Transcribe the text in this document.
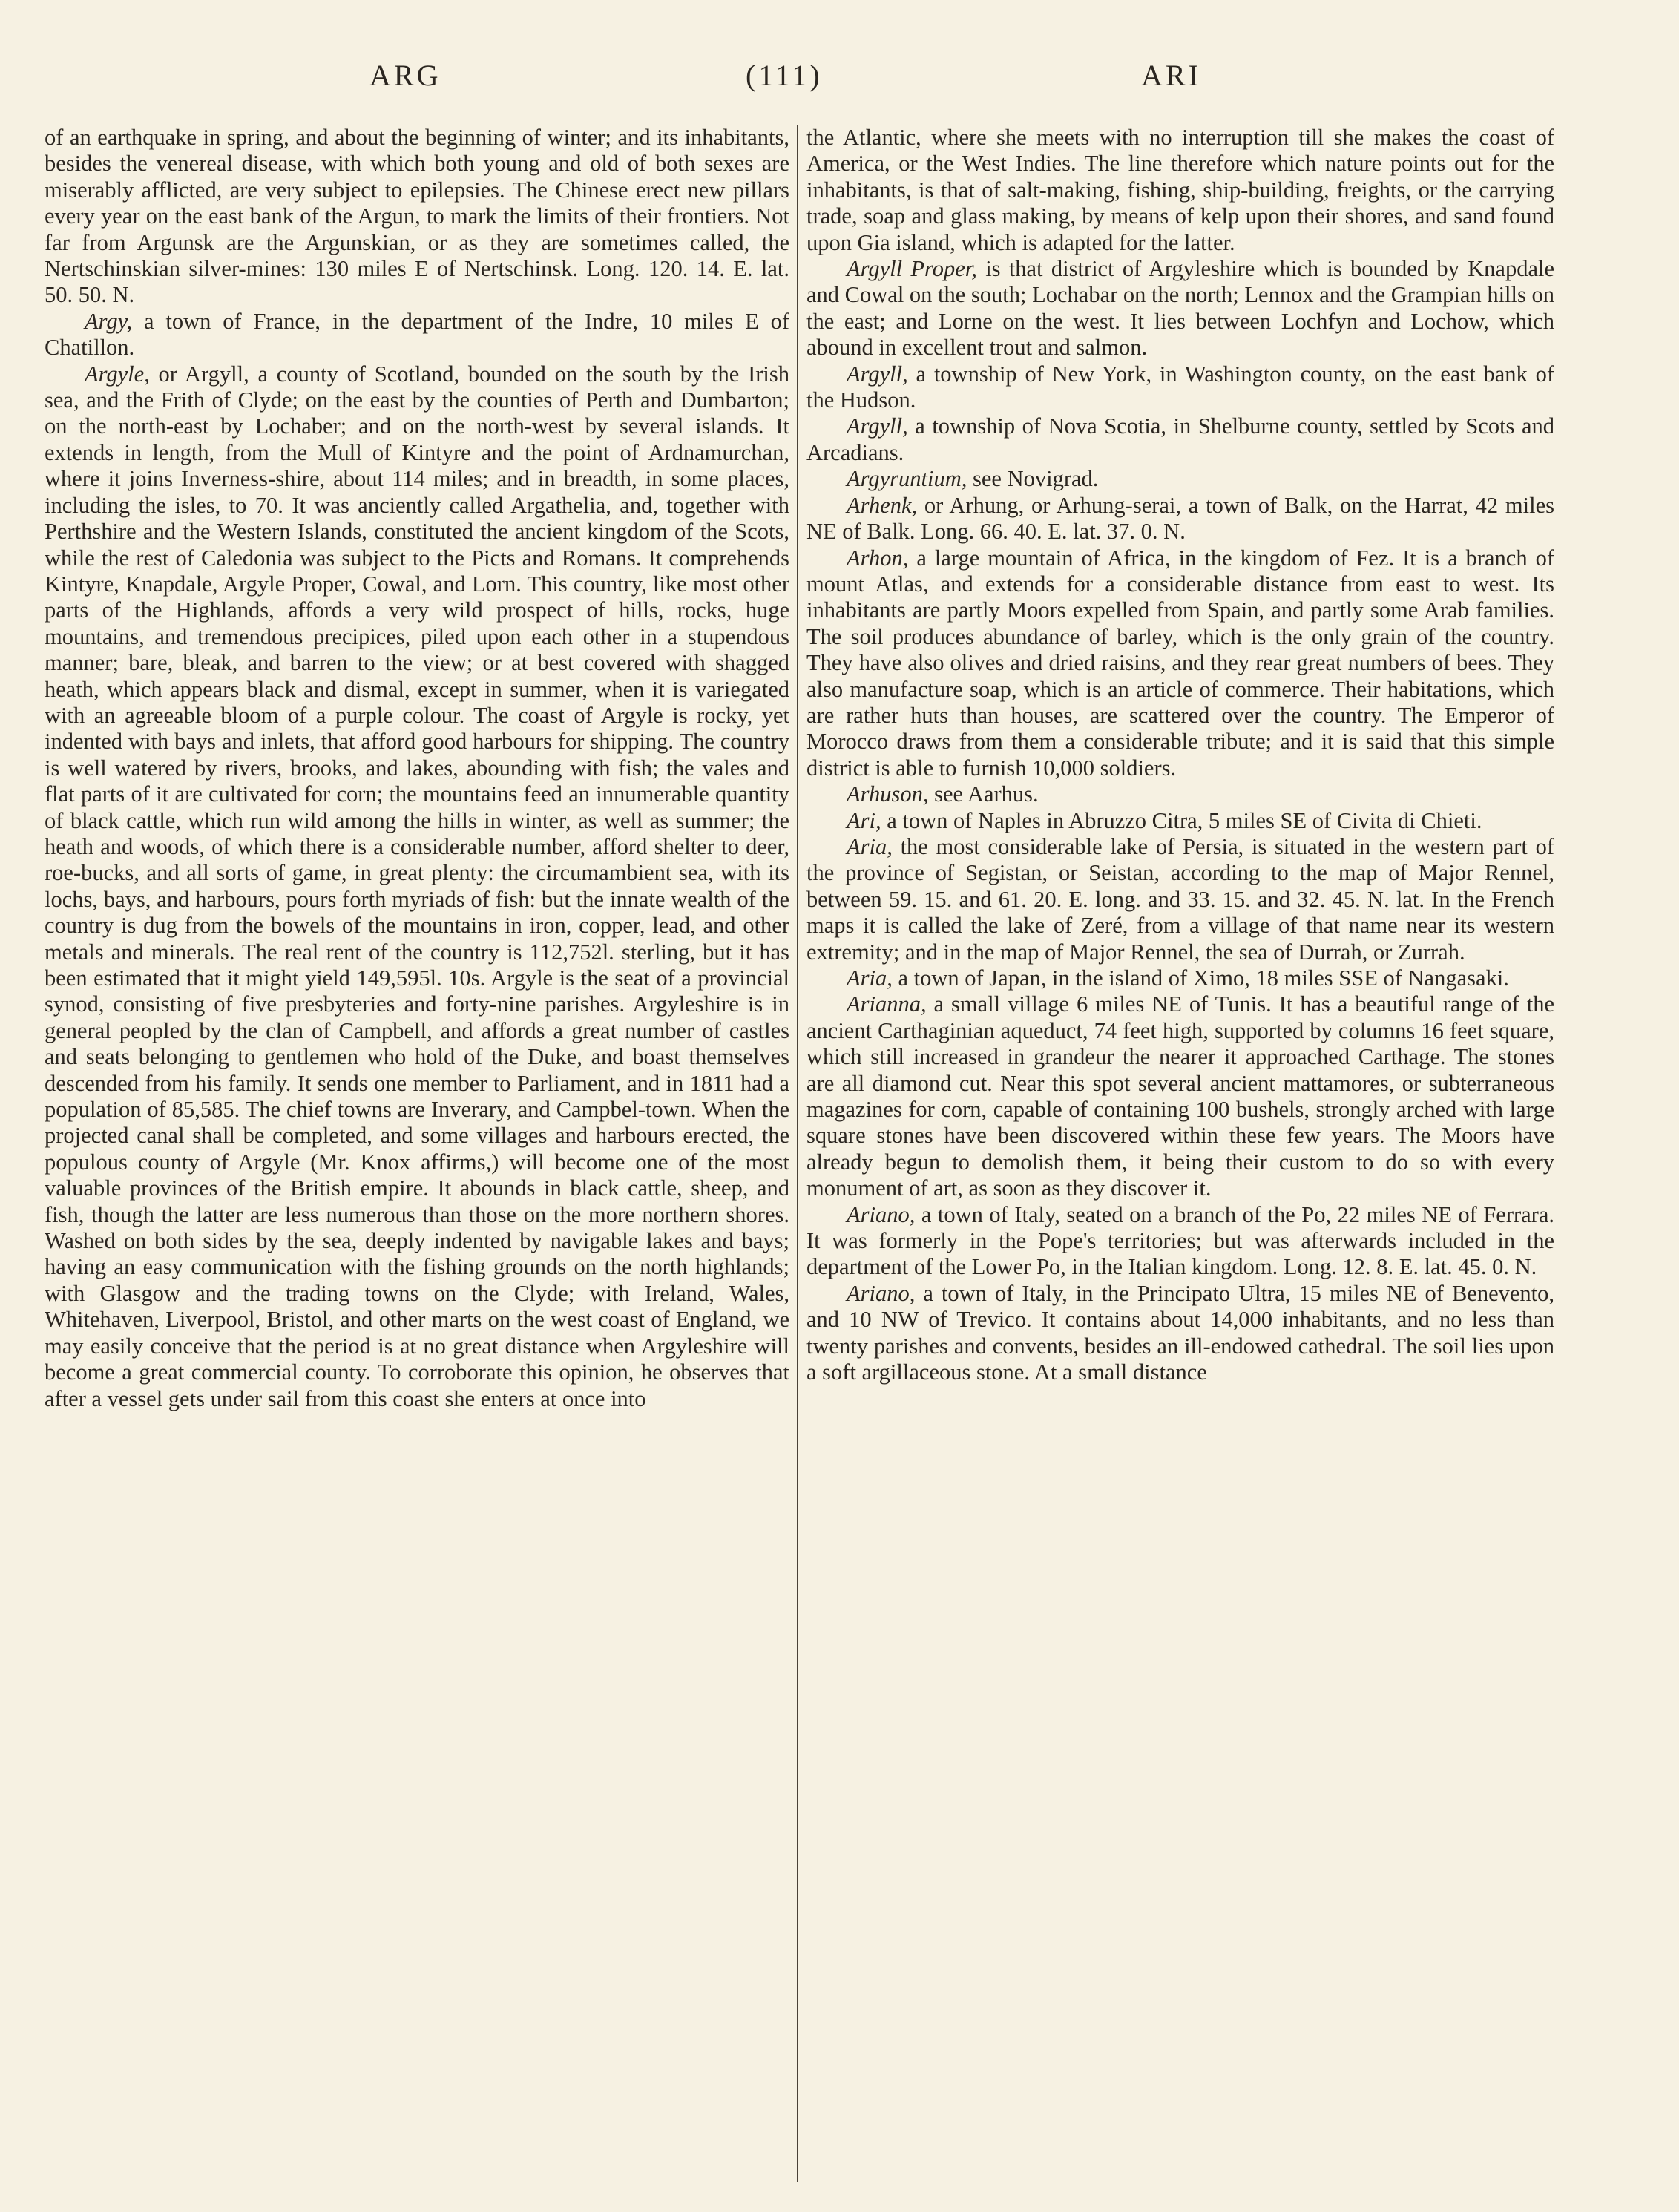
ARG	(111)	ARI

of an earthquake in spring, and about the beginning of winter; and its inhabitants, besides the venereal disease, with which both young and old of both sexes are miserably afflicted, are very subject to epilepsies. The Chinese erect new pillars every year on the east bank of the Argun, to mark the limits of their frontiers. Not far from Argunsk are the Argunskian, or as they are sometimes called, the Nertschinskian silver-mines: 130 miles E of Nertschinsk. Long. 120. 14. E. lat. 50. 50. N.

Argy, a town of France, in the department of the Indre, 10 miles E of Chatillon.

Argyle, or Argyll, a county of Scotland, bounded on the south by the Irish sea, and the Frith of Clyde; on the east by the counties of Perth and Dumbarton; on the north-east by Lochaber; and on the north-west by several islands. It extends in length, from the Mull of Kintyre and the point of Ardnamurchan, where it joins Inverness-shire, about 114 miles; and in breadth, in some places, including the isles, to 70. It was anciently called Argathelia, and, together with Perthshire and the Western Islands, constituted the ancient kingdom of the Scots, while the rest of Caledonia was subject to the Picts and Romans. It comprehends Kintyre, Knapdale, Argyle Proper, Cowal, and Lorn. This country, like most other parts of the Highlands, affords a very wild prospect of hills, rocks, huge mountains, and tremendous precipices, piled upon each other in a stupendous manner; bare, bleak, and barren to the view; or at best covered with shagged heath, which appears black and dismal, except in summer, when it is variegated with an agreeable bloom of a purple colour. The coast of Argyle is rocky, yet indented with bays and inlets, that afford good harbours for shipping. The country is well watered by rivers, brooks, and lakes, abounding with fish; the vales and flat parts of it are cultivated for corn; the mountains feed an innumerable quantity of black cattle, which run wild among the hills in winter, as well as summer; the heath and woods, of which there is a considerable number, afford shelter to deer, roe-bucks, and all sorts of game, in great plenty: the circumambient sea, with its lochs, bays, and harbours, pours forth myriads of fish: but the innate wealth of the country is dug from the bowels of the mountains in iron, copper, lead, and other metals and minerals. The real rent of the country is 112,752l. sterling, but it has been estimated that it might yield 149,595l. 10s. Argyle is the seat of a provincial synod, consisting of five presbyteries and forty-nine parishes. Argyleshire is in general peopled by the clan of Campbell, and affords a great number of castles and seats belonging to gentlemen who hold of the Duke, and boast themselves descended from his family. It sends one member to Parliament, and in 1811 had a population of 85,585. The chief towns are Inverary, and Campbel-town. When the projected canal shall be completed, and some villages and harbours erected, the populous county of Argyle (Mr. Knox affirms,) will become one of the most valuable provinces of the British empire. It abounds in black cattle, sheep, and fish, though the latter are less numerous than those on the more northern shores. Washed on both sides by the sea, deeply indented by navigable lakes and bays; having an easy communication with the fishing grounds on the north highlands; with Glasgow and the trading towns on the Clyde; with Ireland, Wales, Whitehaven, Liverpool, Bristol, and other marts on the west coast of England, we may easily conceive that the period is at no great distance when Argyleshire will become a great commercial county. To corroborate this opinion, he observes that after a vessel gets under sail from this coast she enters at once into

the Atlantic, where she meets with no interruption till she makes the coast of America, or the West Indies. The line therefore which nature points out for the inhabitants, is that of salt-making, fishing, ship-building, freights, or the carrying trade, soap and glass making, by means of kelp upon their shores, and sand found upon Gia island, which is adapted for the latter.

Argyll Proper, is that district of Argyleshire which is bounded by Knapdale and Cowal on the south; Lochabar on the north; Lennox and the Grampian hills on the east; and Lorne on the west. It lies between Lochfyn and Lochow, which abound in excellent trout and salmon.

Argyll, a township of New York, in Washington county, on the east bank of the Hudson.

Argyll, a township of Nova Scotia, in Shelburne county, settled by Scots and Arcadians.

Argyruntium, see Novigrad.

Arhenk, or Arhung, or Arhung-serai, a town of Balk, on the Harrat, 42 miles NE of Balk. Long. 66. 40. E. lat. 37. 0. N.

Arhon, a large mountain of Africa, in the kingdom of Fez. It is a branch of mount Atlas, and extends for a considerable distance from east to west. Its inhabitants are partly Moors expelled from Spain, and partly some Arab families. The soil produces abundance of barley, which is the only grain of the country. They have also olives and dried raisins, and they rear great numbers of bees. They also manufacture soap, which is an article of commerce. Their habitations, which are rather huts than houses, are scattered over the country. The Emperor of Morocco draws from them a considerable tribute; and it is said that this simple district is able to furnish 10,000 soldiers.

Arhuson, see Aarhus.

Ari, a town of Naples in Abruzzo Citra, 5 miles SE of Civita di Chieti.

Aria, the most considerable lake of Persia, is situated in the western part of the province of Segistan, or Seistan, according to the map of Major Rennel, between 59. 15. and 61. 20. E. long. and 33. 15. and 32. 45. N. lat. In the French maps it is called the lake of Zeré, from a village of that name near its western extremity; and in the map of Major Rennel, the sea of Durrah, or Zurrah.

Aria, a town of Japan, in the island of Ximo, 18 miles SSE of Nangasaki.

Arianna, a small village 6 miles NE of Tunis. It has a beautiful range of the ancient Carthaginian aqueduct, 74 feet high, supported by columns 16 feet square, which still increased in grandeur the nearer it approached Carthage. The stones are all diamond cut. Near this spot several ancient mattamores, or subterraneous magazines for corn, capable of containing 100 bushels, strongly arched with large square stones have been discovered within these few years. The Moors have already begun to demolish them, it being their custom to do so with every monument of art, as soon as they discover it.

Ariano, a town of Italy, seated on a branch of the Po, 22 miles NE of Ferrara. It was formerly in the Pope's territories; but was afterwards included in the department of the Lower Po, in the Italian kingdom. Long. 12. 8. E. lat. 45. 0. N.

Ariano, a town of Italy, in the Principato Ultra, 15 miles NE of Benevento, and 10 NW of Trevico. It contains about 14,000 inhabitants, and no less than twenty parishes and convents, besides an ill-endowed cathedral. The soil lies upon a soft argillaceous stone. At a small distance
